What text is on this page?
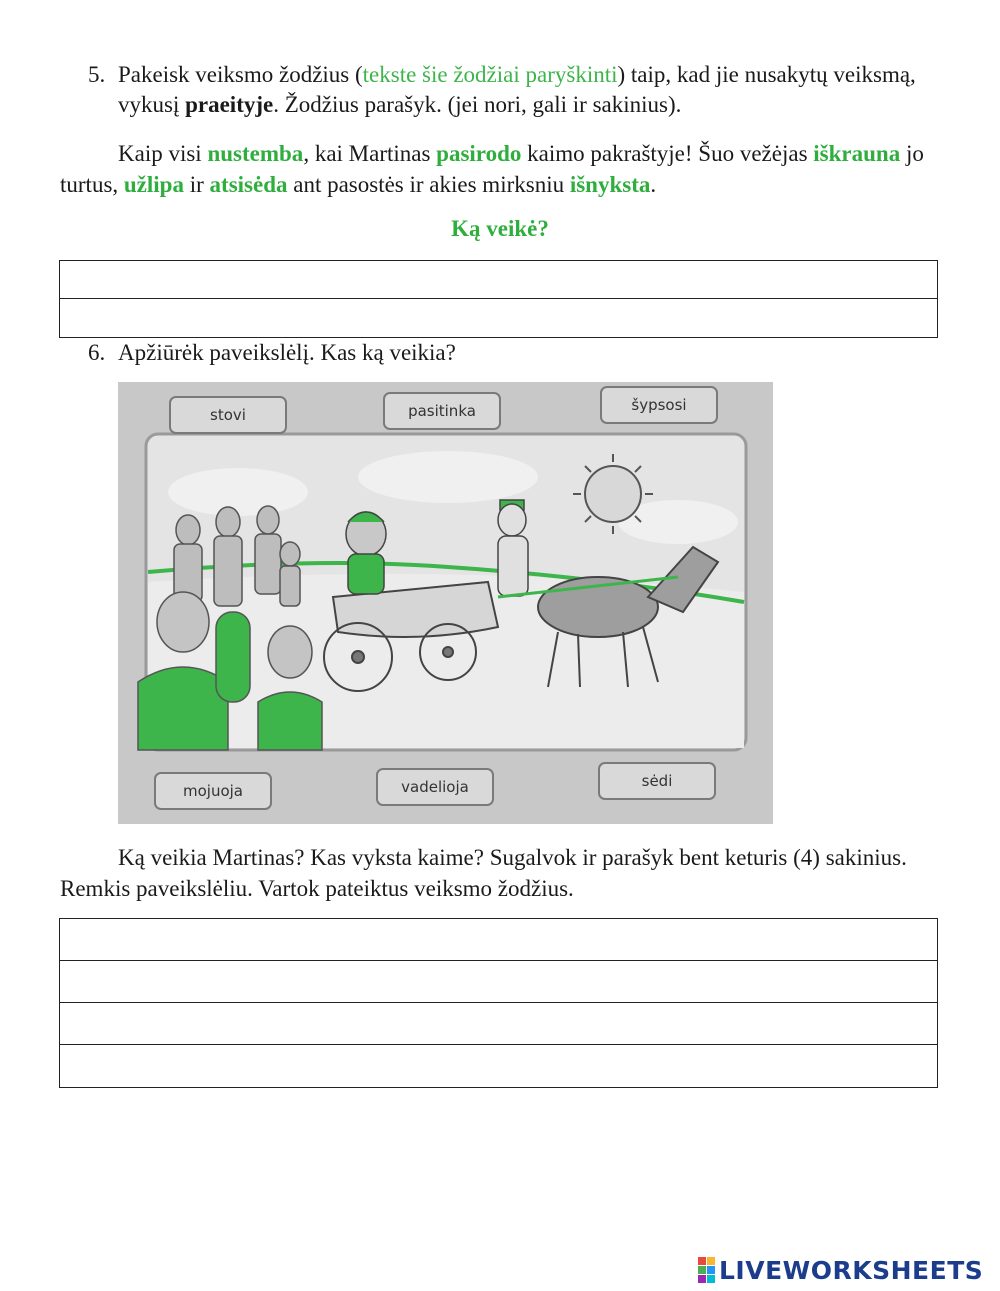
5. Pakeisk veiksmo žodžius (tekste šie žodžiai paryškinti) taip, kad jie nusakytų veiksmą, vykusį praeityje. Žodžius parašyk. (jei nori, gali ir sakinius).

Kaip visi nustemba, kai Martinas pasirodo kaimo pakraštyje! Šuo vežėjas iškrauna jo turtus, užlipa ir atsisėda ant pasostės ir akies mirksniu išnyksta.

Ką veikė?
6. Apžiūrėk paveikslėlį. Kas ką veikia?
stovi	pasitinka	šypsosi
mojuoja	vadelioja	sėdi

Ką veikia Martinas? Kas vyksta kaime? Sugalvok ir parašyk bent keturis (4) sakinius. Remkis paveikslėliu. Vartok pateiktus veiksmo žodžius.

LIVEWORKSHEETS
